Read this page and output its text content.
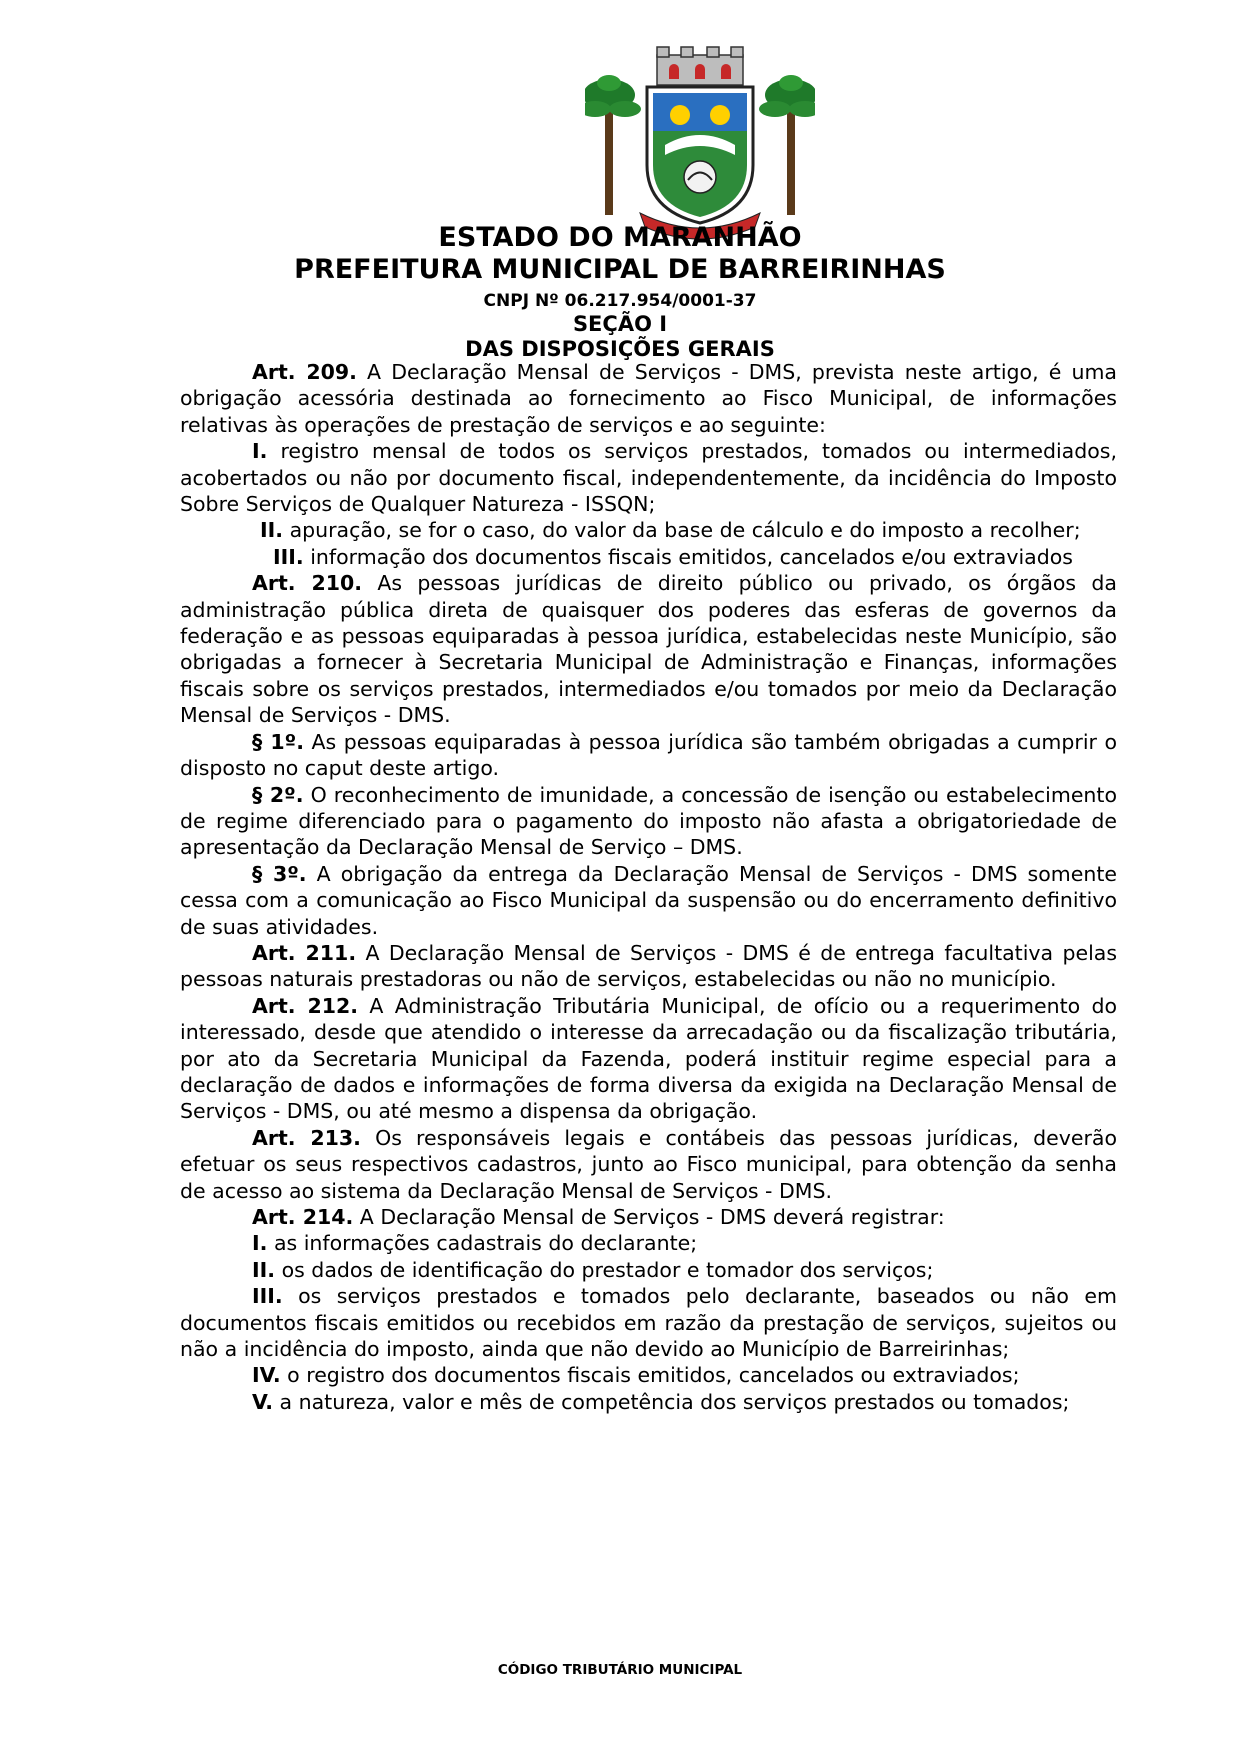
ESTADO DO MARANHÃO
PREFEITURA MUNICIPAL DE BARREIRINHAS
CNPJ Nº 06.217.954/0001-37
SEÇÃO I
DAS DISPOSIÇÕES GERAIS

Art. 209. A Declaração Mensal de Serviços - DMS, prevista neste artigo, é uma obrigação acessória destinada ao fornecimento ao Fisco Municipal, de informações relativas às operações de prestação de serviços e ao seguinte:

I. registro mensal de todos os serviços prestados, tomados ou intermediados, acobertados ou não por documento fiscal, independentemente, da incidência do Imposto Sobre Serviços de Qualquer Natureza - ISSQN;

II. apuração, se for o caso, do valor da base de cálculo e do imposto a recolher;

III. informação dos documentos fiscais emitidos, cancelados e/ou extraviados

Art. 210. As pessoas jurídicas de direito público ou privado, os órgãos da administração pública direta de quaisquer dos poderes das esferas de governos da federação e as pessoas equiparadas à pessoa jurídica, estabelecidas neste Município, são obrigadas a fornecer à Secretaria Municipal de Administração e Finanças, informações fiscais sobre os serviços prestados, intermediados e/ou tomados por meio da Declaração Mensal de Serviços - DMS.

§ 1º. As pessoas equiparadas à pessoa jurídica são também obrigadas a cumprir o disposto no caput deste artigo.

§ 2º. O reconhecimento de imunidade, a concessão de isenção ou estabelecimento de regime diferenciado para o pagamento do imposto não afasta a obrigatoriedade de apresentação da Declaração Mensal de Serviço – DMS.

§ 3º. A obrigação da entrega da Declaração Mensal de Serviços - DMS somente cessa com a comunicação ao Fisco Municipal da suspensão ou do encerramento definitivo de suas atividades.

Art. 211. A Declaração Mensal de Serviços - DMS é de entrega facultativa pelas pessoas naturais prestadoras ou não de serviços, estabelecidas ou não no município.

Art. 212. A Administração Tributária Municipal, de ofício ou a requerimento do interessado, desde que atendido o interesse da arrecadação ou da fiscalização tributária, por ato da Secretaria Municipal da Fazenda, poderá instituir regime especial para a declaração de dados e informações de forma diversa da exigida na Declaração Mensal de Serviços - DMS, ou até mesmo a dispensa da obrigação.

Art. 213. Os responsáveis legais e contábeis das pessoas jurídicas, deverão efetuar os seus respectivos cadastros, junto ao Fisco municipal, para obtenção da senha de acesso ao sistema da Declaração Mensal de Serviços - DMS.

Art. 214. A Declaração Mensal de Serviços - DMS deverá registrar:

I. as informações cadastrais do declarante;

II. os dados de identificação do prestador e tomador dos serviços;

III. os serviços prestados e tomados pelo declarante, baseados ou não em documentos fiscais emitidos ou recebidos em razão da prestação de serviços, sujeitos ou não a incidência do imposto, ainda que não devido ao Município de Barreirinhas;

IV. o registro dos documentos fiscais emitidos, cancelados ou extraviados;

V. a natureza, valor e mês de competência dos serviços prestados ou tomados;

CÓDIGO TRIBUTÁRIO MUNICIPAL
